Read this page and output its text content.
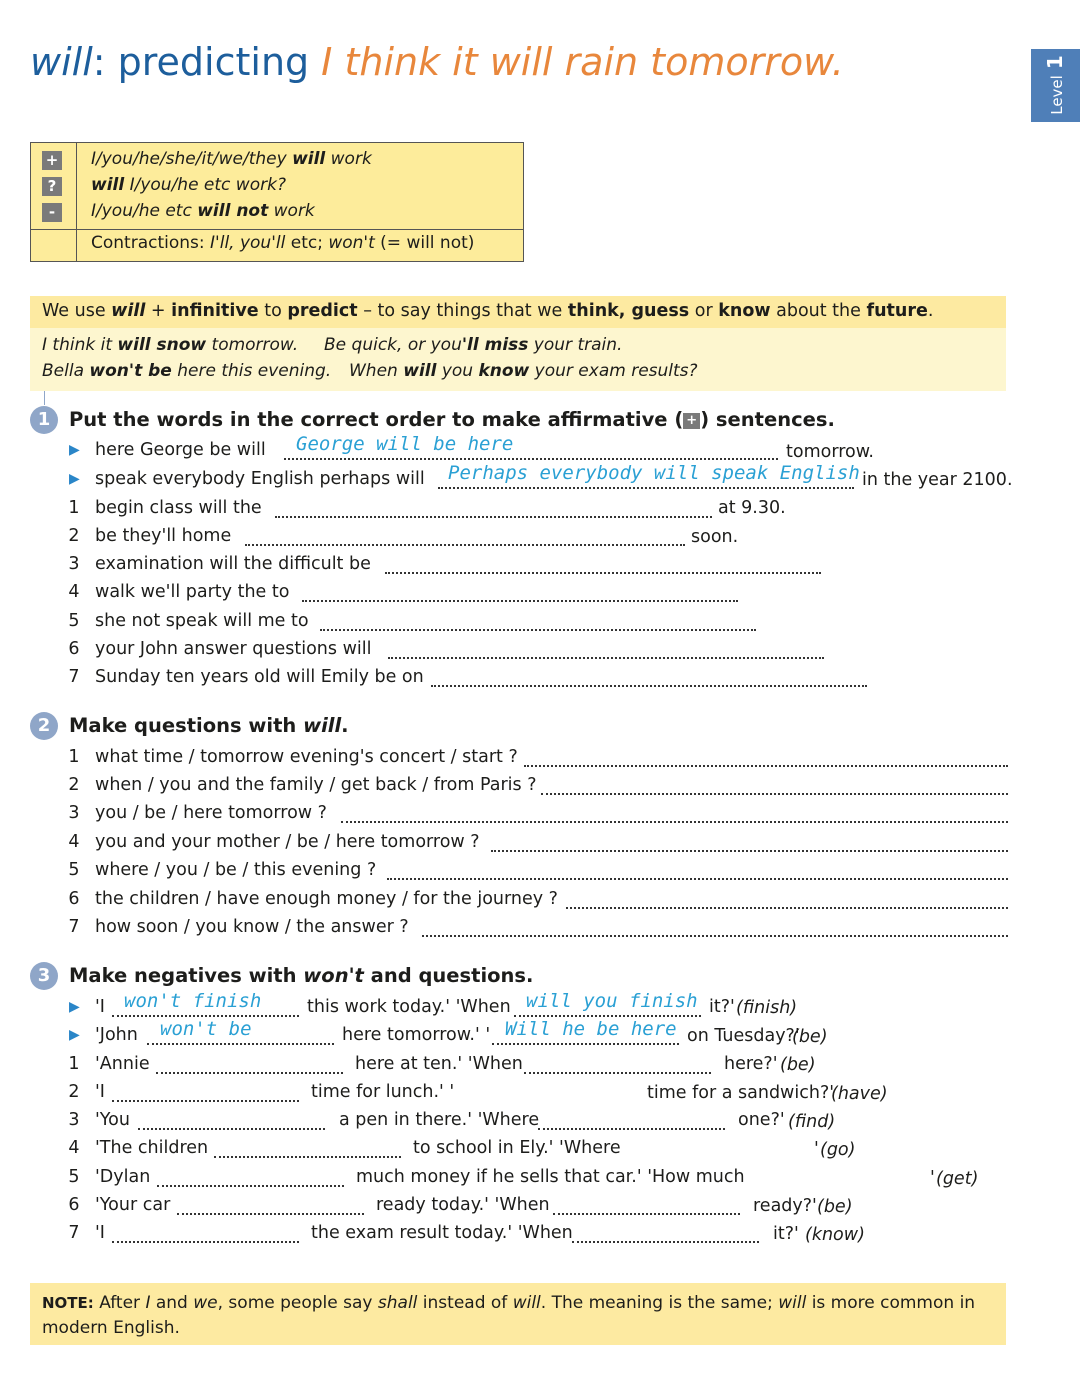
will: predicting I think it will rain tomorrow.
Level1
+
?
-
I/you/he/she/it/we/they will work
will I/you/he etc work?
I/you/he etc will not work
Contractions: I'll, you'll etc; won't (= will not)
We use will + infinitive to predict – to say things that we think, guess or know about the future.
I think it will snow tomorrow. Be quick, or you'll miss your train.
Bella won't be here this evening. When will you know your exam results?
1 Put the words in the correct order to make affirmative ( + ) sentences.
▶ here George be will George will be here	tomorrow.
▶ speak everybody English perhaps will Perhaps everybody will speak English in the year 2100.
1 begin class will the	at 9.30.
2 be they'll home	soon.
3 examination will the difficult be
4 walk we'll party the to
5 she not speak will me to
6 your John answer questions will
7 Sunday ten years old will Emily be on
2 Make questions with will.
1 what time / tomorrow evening's concert / start ?
2 when / you and the family / get back / from Paris ?
3 you / be / here tomorrow ?
4 you and your mother / be / here tomorrow ?
5 where / you / be / this evening ?
6 the children / have enough money / for the journey ?
7 how soon / you know / the answer ?
3 Make negatives with won't and questions.
▶ 'I won't finish	this work today.' 'When will you finish it?' (finish)
▶ 'John won't be	here tomorrow.' ' Will he be here on Tuesday?'
(be)
1 'Annie	here at ten.' 'When	here?' (be)
2 'I	time for lunch.' '	time for a sandwich?'
(have)
3 'You	a pen in there.' 'Where	one?' (find)
4 'The children	to school in Ely.' 'Where	' (go)
5 'Dylan	much money if he sells that car.' 'How much	' (get)
6 'Your car	ready today.' 'When	ready?' (be)
7 'I	the exam result today.' 'When	it?' (know)
NOTE: After I and we, some people say shall instead of will. The meaning is the same; will is more common in modern English.
